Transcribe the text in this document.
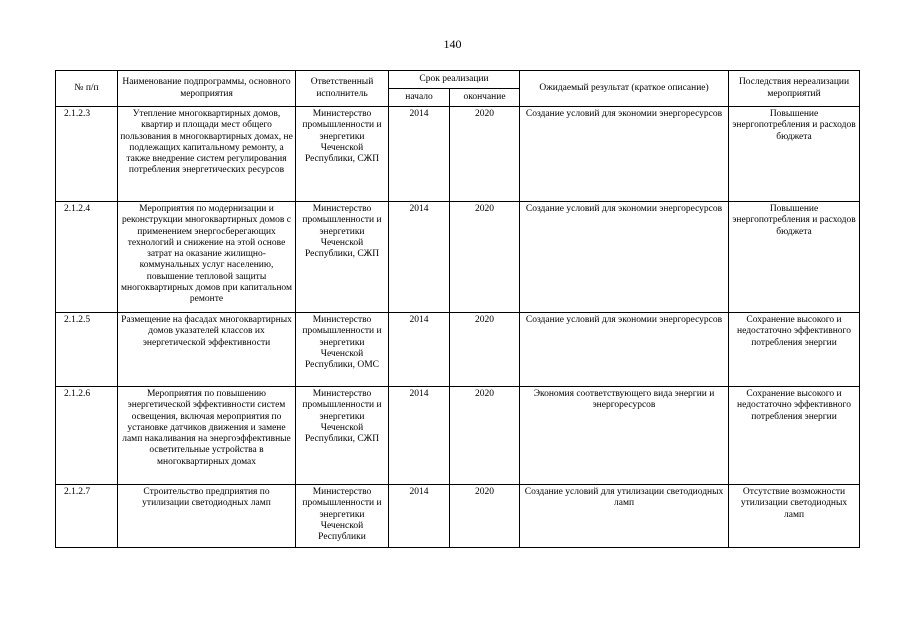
140
№ п/п	Наименование подпрограммы, основного мероприятия	Ответственный исполнитель	Срок реализации		Ожидаемый результат (краткое описание)	Последствия нереализации мероприятий
			начало	окончание		
2.1.2.3	Утепление многоквартирных домов, квартир и площади мест общего пользования в многоквартирных домах, не подлежащих капитальному ремонту, а также внедрение систем регулирования потребления энергетических ресурсов	Министерство промышленности и энергетики Чеченской Республики, СЖП	2014	2020	Создание условий для экономии энергоресурсов	Повышение энергопотребления и расходов бюджета
2.1.2.4	Мероприятия по модернизации и реконструкции многоквартирных домов с применением энергосберегающих технологий и снижение на этой основе затрат на оказание жилищно-коммунальных услуг населению, повышение тепловой защиты многоквартирных домов при капитальном ремонте	Министерство промышленности и энергетики Чеченской Республики, СЖП	2014	2020	Создание условий для экономии энергоресурсов	Повышение энергопотребления и расходов бюджета
2.1.2.5	Размещение на фасадах многоквартирных домов указателей классов их энергетической эффективности	Министерство промышленности и энергетики Чеченской Республики, ОМС	2014	2020	Создание условий для экономии энергоресурсов	Сохранение высокого и недостаточно эффективного потребления энергии
2.1.2.6	Мероприятия по повышению энергетической эффективности систем освещения, включая мероприятия по установке датчиков движения и замене ламп накаливания на энергоэффективные осветительные устройства в многоквартирных домах	Министерство промышленности и энергетики Чеченской Республики, СЖП	2014	2020	Экономия соответствующего вида энергии и энергоресурсов	Сохранение высокого и недостаточно эффективного потребления энергии
2.1.2.7	Строительство предприятия по утилизации светодиодных ламп	Министерство промышленности и энергетики Чеченской Республики	2014	2020	Создание условий для утилизации светодиодных ламп	Отсутствие возможности утилизации светодиодных ламп
